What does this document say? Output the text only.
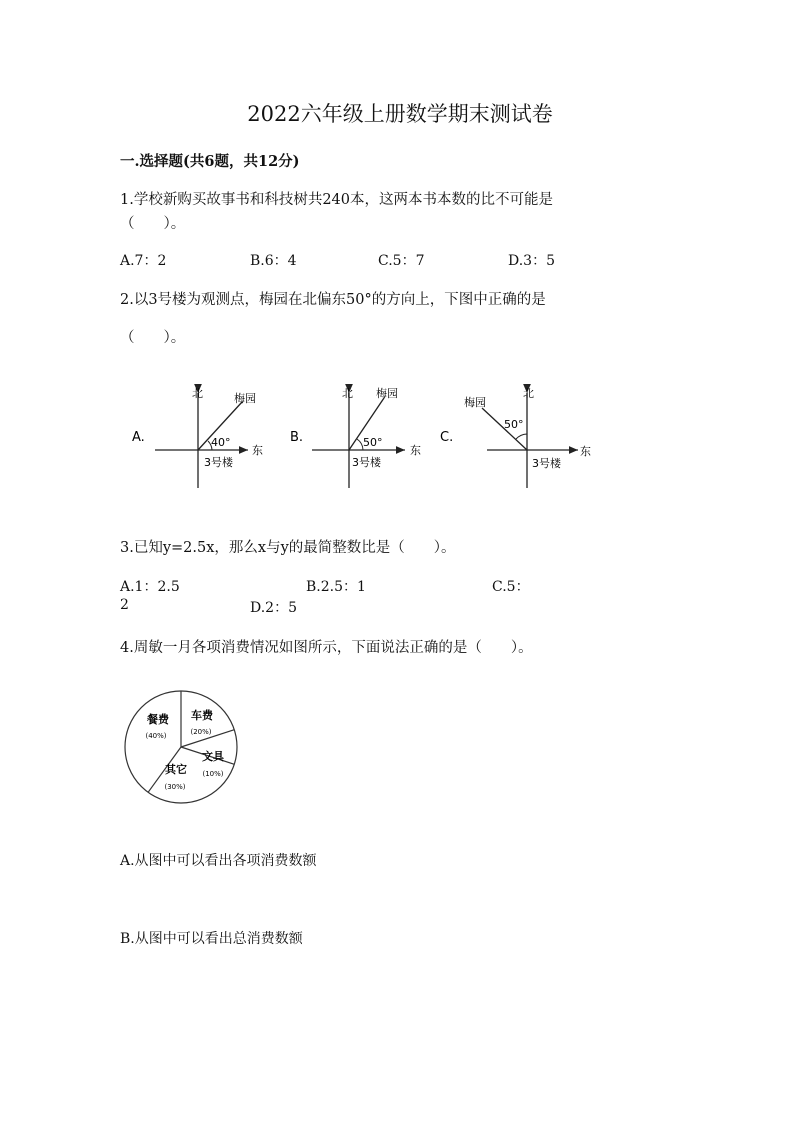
2022六年级上册数学期末测试卷
一.选择题(共6题，共12分)
1.学校新购买故事书和科技树共240本，这两本书本数的比不可能是
（　　）。
A.7：2	B.6：4	C.5：7	D.3：5
2.以3号楼为观测点，梅园在北偏东50°的方向上，下图中正确的是
（　　）。
A.
北	梅园
40°
东
3号楼
B.
北 梅园
50°
东
3号楼
C.
北
梅园
50°
东
3号楼
3.已知y=2.5x，那么x与y的最简整数比是（　　）。
A.1：2.5	B.2.5：1	C.5：
2	D.2：5
4.周敏一月各项消费情况如图所示，下面说法正确的是（　　）。
餐费
(40%)
车费
(20%)
文具
(10%)
其它
(30%)
A.从图中可以看出各项消费数额
B.从图中可以看出总消费数额
